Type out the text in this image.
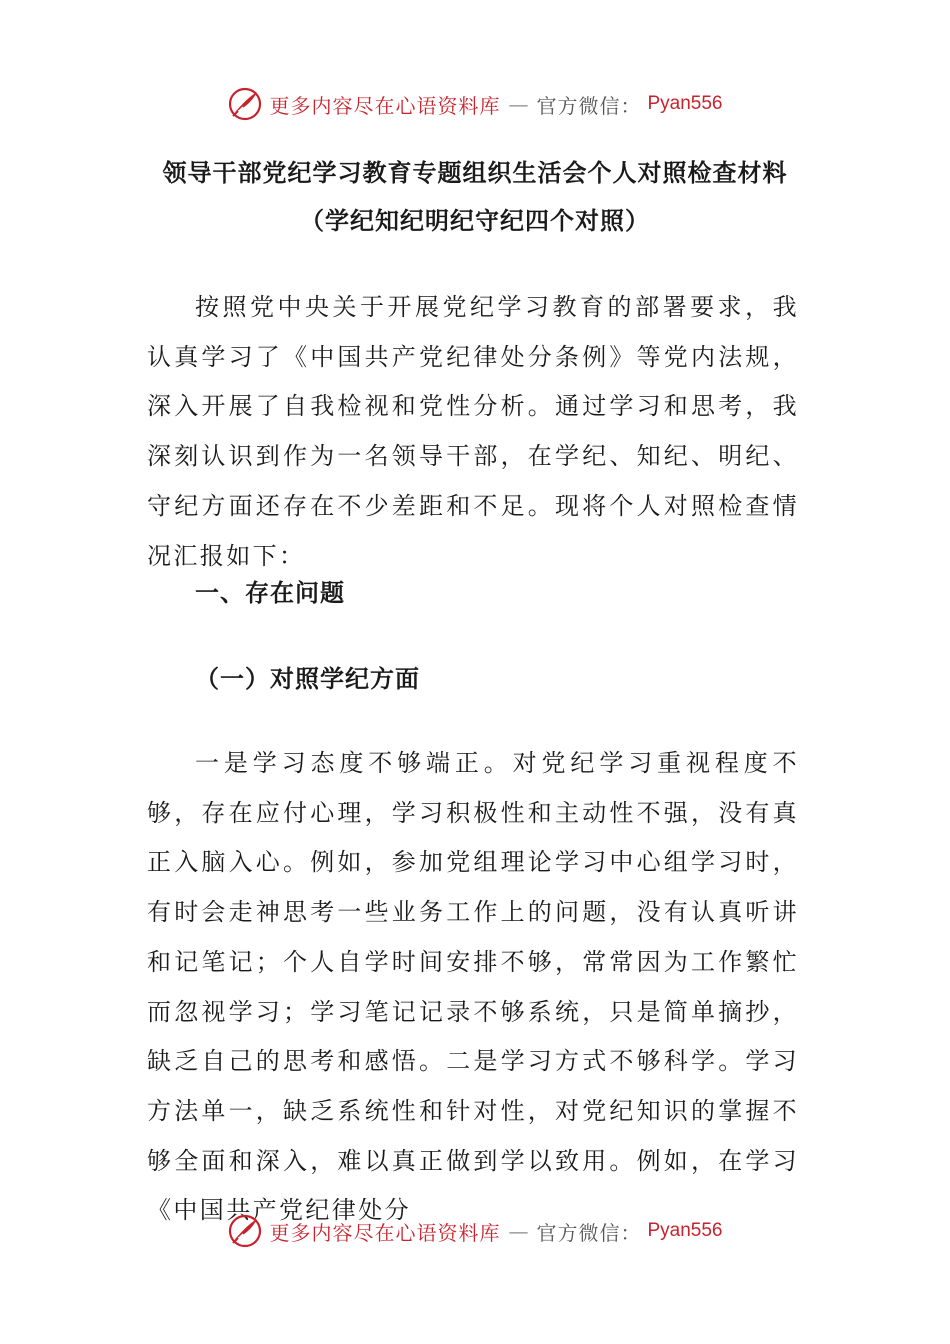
更多内容尽在心语资料库 — 官方微信： Pyan556
领导干部党纪学习教育专题组织生活会个人对照检查材料
（学纪知纪明纪守纪四个对照）

按照党中央关于开展党纪学习教育的部署要求，我认真学习了《中国共产党纪律处分条例》等党内法规，深入开展了自我检视和党性分析。通过学习和思考，我深刻认识到作为一名领导干部，在学纪、知纪、明纪、守纪方面还存在不少差距和不足。现将个人对照检查情况汇报如下：

一、存在问题
（一）对照学纪方面

一是学习态度不够端正。对党纪学习重视程度不够，存在应付心理，学习积极性和主动性不强，没有真正入脑入心。例如，参加党组理论学习中心组学习时，有时会走神思考一些业务工作上的问题，没有认真听讲和记笔记；个人自学时间安排不够，常常因为工作繁忙而忽视学习；学习笔记记录不够系统，只是简单摘抄，缺乏自己的思考和感悟。二是学习方式不够科学。学习方法单一，缺乏系统性和针对性，对党纪知识的掌握不够全面和深入，难以真正做到学以致用。例如，在学习《中国共产党纪律处分

更多内容尽在心语资料库 — 官方微信： Pyan556
